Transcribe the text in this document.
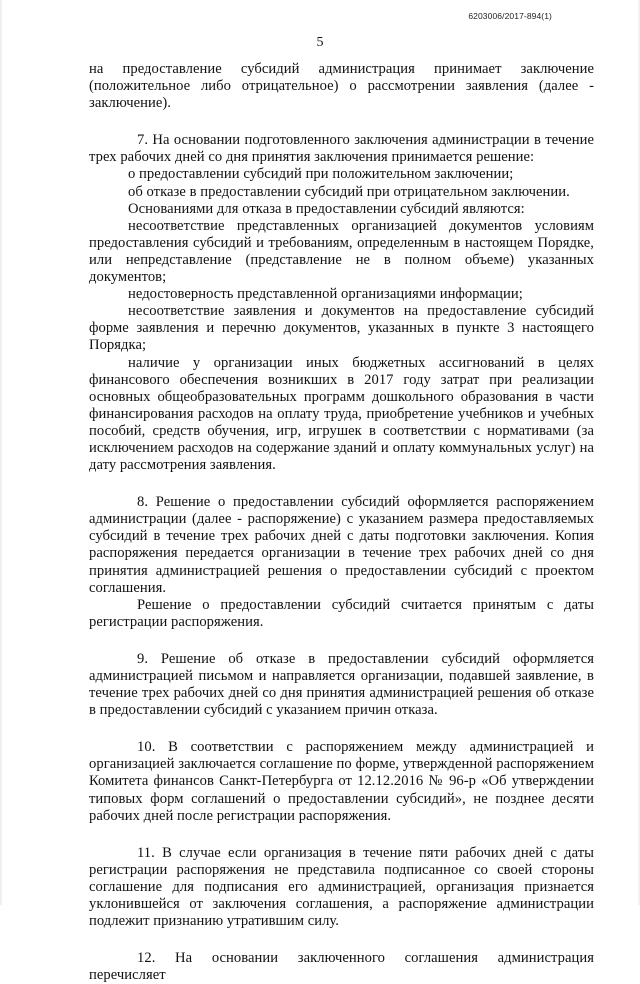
6203006/2017-894(1)
5

на предоставление субсидий администрация принимает заключение (положительное либо отрицательное) о рассмотрении заявления (далее - заключение).

7. На основании подготовленного заключения администрации в течение трех рабочих дней со дня принятия заключения принимается решение:

о предоставлении субсидий при положительном заключении;

об отказе в предоставлении субсидий при отрицательном заключении.

Основаниями для отказа в предоставлении субсидий являются:

несоответствие представленных организацией документов условиям предоставления субсидий и требованиям, определенным в настоящем Порядке, или непредставление (представление не в полном объеме) указанных документов;

недостоверность представленной организациями информации;

несоответствие заявления и документов на предоставление субсидий форме заявления и перечню документов, указанных в пункте 3 настоящего Порядка;

наличие у организации иных бюджетных ассигнований в целях финансового обеспечения возникших в 2017 году затрат при реализации основных общеобразовательных программ дошкольного образования в части финансирования расходов на оплату труда, приобретение учебников и учебных пособий, средств обучения, игр, игрушек в соответствии с нормативами (за исключением расходов на содержание зданий и оплату коммунальных услуг) на дату рассмотрения заявления.

8. Решение о предоставлении субсидий оформляется распоряжением администрации (далее - распоряжение) с указанием размера предоставляемых субсидий в течение трех рабочих дней с даты подготовки заключения. Копия распоряжения передается организации в течение трех рабочих дней со дня принятия администрацией решения о предоставлении субсидий с проектом соглашения.

Решение о предоставлении субсидий считается принятым с даты регистрации распоряжения.

9. Решение об отказе в предоставлении субсидий оформляется администрацией письмом и направляется организации, подавшей заявление, в течение трех рабочих дней со дня принятия администрацией решения об отказе в предоставлении субсидий с указанием причин отказа.

10. В соответствии с распоряжением между администрацией и организацией заключается соглашение по форме, утвержденной распоряжением Комитета финансов Санкт-Петербурга от 12.12.2016 № 96-р «Об утверждении типовых форм соглашений о предоставлении субсидий», не позднее десяти рабочих дней после регистрации распоряжения.

11. В случае если организация в течение пяти рабочих дней с даты регистрации распоряжения не представила подписанное со своей стороны соглашение для подписания его администрацией, организация признается уклонившейся от заключения соглашения, а распоряжение администрации подлежит признанию утратившим силу.

12. На основании заключенного соглашения администрация перечисляет
